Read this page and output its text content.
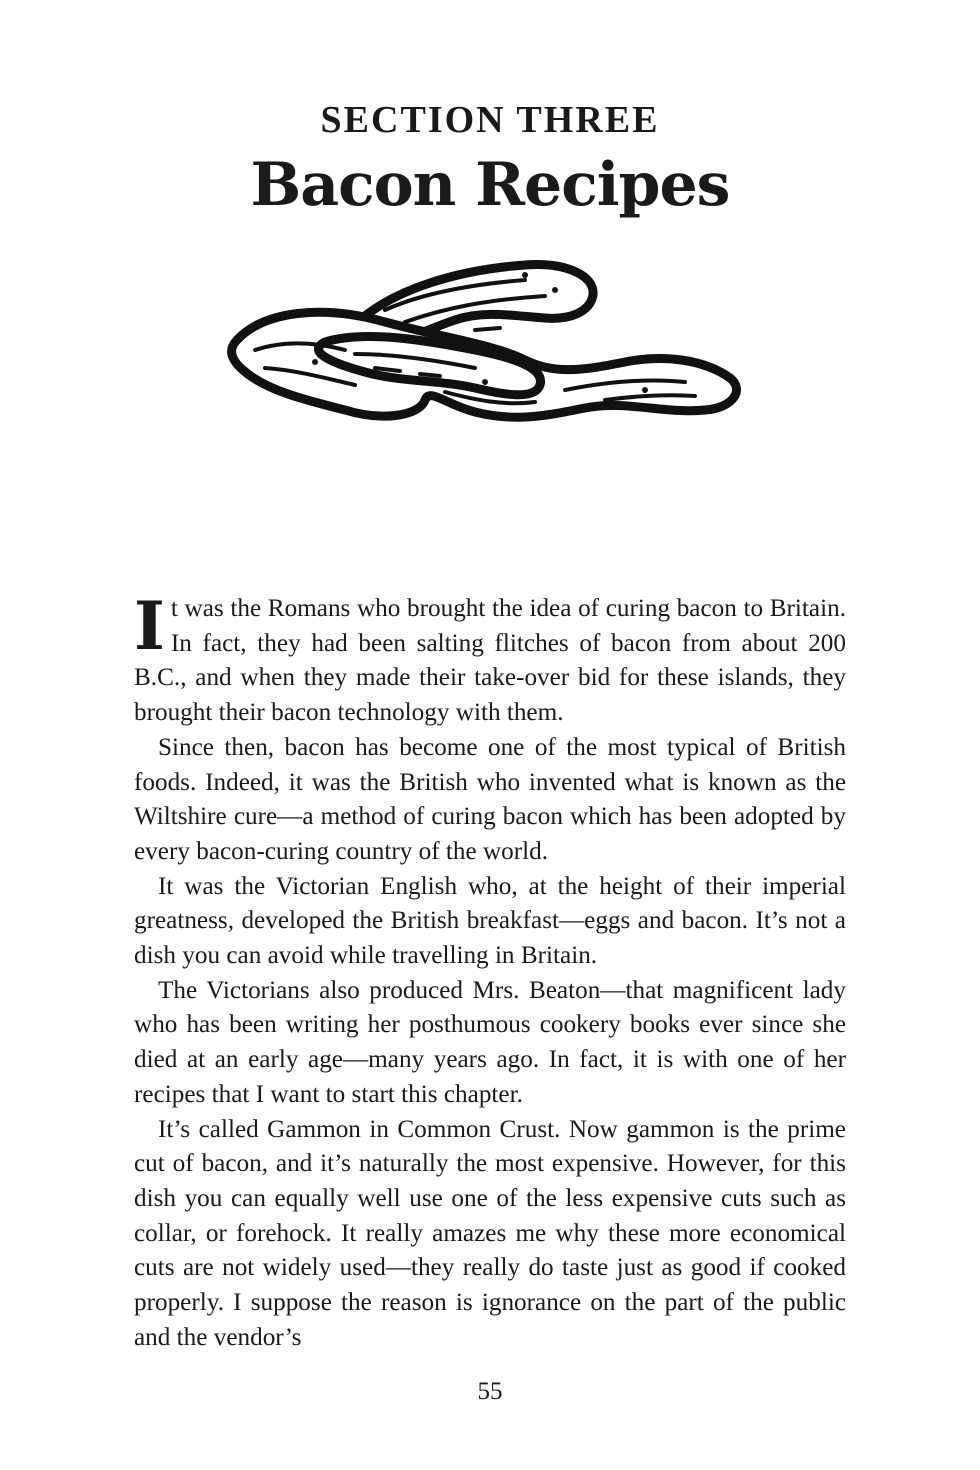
SECTION THREE
Bacon Recipes

It was the Romans who brought the idea of curing bacon to Britain. In fact, they had been salting flitches of bacon from about 200 B.C., and when they made their take-over bid for these islands, they brought their bacon technology with them.

Since then, bacon has become one of the most typical of British foods. Indeed, it was the British who invented what is known as the Wiltshire cure—a method of curing bacon which has been adopted by every bacon-curing country of the world.

It was the Victorian English who, at the height of their imperial greatness, developed the British breakfast—eggs and bacon. It’s not a dish you can avoid while travelling in Britain.

The Victorians also produced Mrs. Beaton—that magnificent lady who has been writing her posthumous cookery books ever since she died at an early age—many years ago. In fact, it is with one of her recipes that I want to start this chapter.

It’s called Gammon in Common Crust. Now gammon is the prime cut of bacon, and it’s naturally the most expensive. However, for this dish you can equally well use one of the less expensive cuts such as collar, or forehock. It really amazes me why these more economical cuts are not widely used—they really do taste just as good if cooked properly. I suppose the reason is ignorance on the part of the public and the vendor’s

55
